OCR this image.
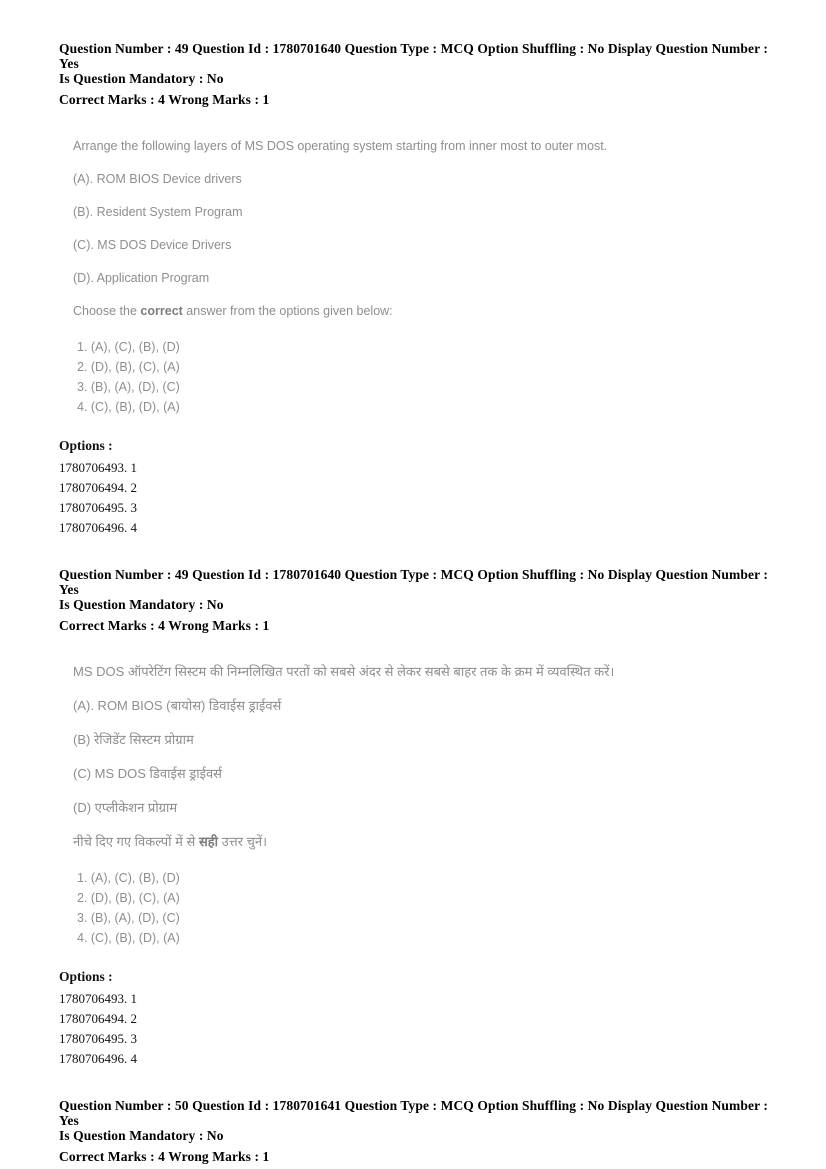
Question Number : 49 Question Id : 1780701640 Question Type : MCQ Option Shuffling : No Display Question Number : Yes
Is Question Mandatory : No
Correct Marks : 4 Wrong Marks : 1
Arrange the following layers of MS DOS operating system starting from inner most to outer most.
(A). ROM BIOS Device drivers
(B). Resident System Program
(C). MS DOS Device Drivers
(D). Application Program
Choose the correct answer from the options given below:
1. (A), (C), (B), (D)
2. (D), (B), (C), (A)
3. (B), (A), (D), (C)
4. (C), (B), (D), (A)
Options :
1780706493. 1
1780706494. 2
1780706495. 3
1780706496. 4
Question Number : 49 Question Id : 1780701640 Question Type : MCQ Option Shuffling : No Display Question Number : Yes
Is Question Mandatory : No
Correct Marks : 4 Wrong Marks : 1
MS DOS ऑपरेटिंग सिस्टम की निम्नलिखित परतों को सबसे अंदर से लेकर सबसे बाहर तक के क्रम में व्यवस्थित करें।
(A). ROM BIOS (बायोस) डिवाईस ड्राईवर्स
(B) रेजिडेंट सिस्टम प्रोग्राम
(C) MS DOS डिवाईस ड्राईवर्स
(D) एप्लीकेशन प्रोग्राम
नीचे दिए गए विकल्पों में से सही उत्तर चुनें।
1. (A), (C), (B), (D)
2. (D), (B), (C), (A)
3. (B), (A), (D), (C)
4. (C), (B), (D), (A)
Options :
1780706493. 1
1780706494. 2
1780706495. 3
1780706496. 4
Question Number : 50 Question Id : 1780701641 Question Type : MCQ Option Shuffling : No Display Question Number : Yes
Is Question Mandatory : No
Correct Marks : 4 Wrong Marks : 1
